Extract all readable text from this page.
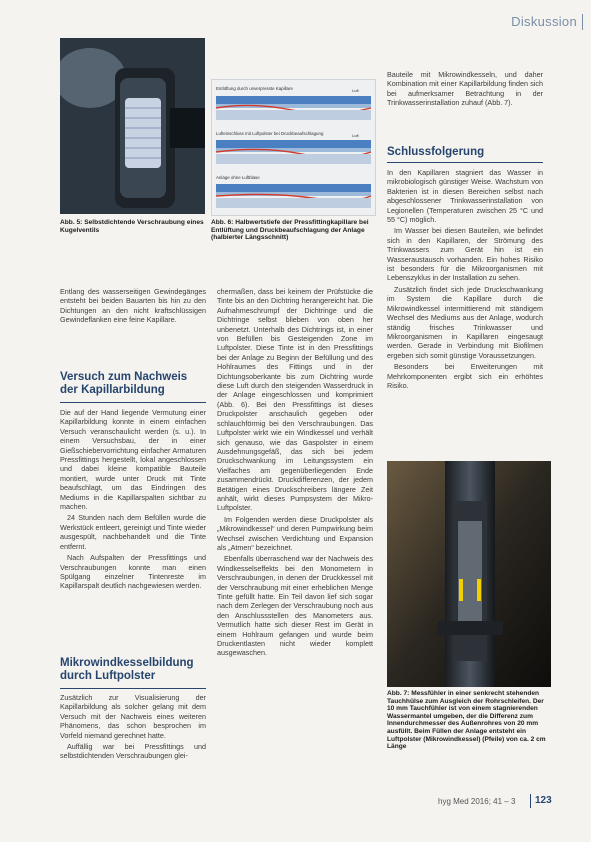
Diskussion
Abb. 5: Selbstdichtende Verschraubung eines Kugelventils
Entlüftung durch unverpresste Kapillare	Luft
Lufteinschluss mit Luftpolster bei Druckbeaufschlagung	Luft
Anlage ohne Luftblase
Abb. 6: Halbwertstiefe der Pressfittingkapillare bei Entlüftung und Druckbeaufschlagung der Anlage (halbierter Längsschnitt)

Entlang des wasserseitigen Gewindegänges entsteht bei beiden Bauarten bis hin zu den Dichtungen an den nicht kraftschlüssigen Gewindeflanken eine feine Kapillare.

Versuch zum Nachweis der Kapillarbildung

Die auf der Hand liegende Vermutung einer Kapillarbildung konnte in einem einfachen Versuch veranschaulicht werden (s. u.). In einem Versuchsbau, der in einer Gießschiebervorrichtung einfacher Armaturen Pressfittings hergestellt, lokal angeschlossen und dabei kleine kompatible Bauteile montiert, wurde unter Druck mit Tinte beaufschlagt, um das Eindringen des Mediums in die Kapillarspalten sichtbar zu machen.

24 Stunden nach dem Befüllen wurde die Werkstück entleert, gereinigt und Tinte wieder ausgespült, nachbehandelt und die Tinte entfernt.

Nach Aufspalten der Pressfittings und Verschraubungen konnte man einen Spülgang einzelner Tintenreste im Kapillarspalt deutlich nachgewiesen werden.

Mikrowindkesselbildung durch Luftpolster

Zusätzlich zur Visualisierung der Kapillarbildung als solcher gelang mit dem Versuch mit der Nachweis eines weiteren Phänomens, das schon besprochen im Vorfeld niemand gerechnet hatte.

Auffällig war bei Pressfittings und selbstdichtenden Verschraubungen glei-

chermaßen, dass bei keinem der Prüfstücke die Tinte bis an den Dichtring herangereicht hat. Die Aufnahmeschrumpf der Dichtringe und die Dichtringe selbst blieben von oben her unbenetzt. Unterhalb des Dichtrings ist, in einer von Befüllen bis Gesteigenden Zone im Luftpolster. Diese Tinte ist in den Pressfittings bei der Anlage zu Beginn der Befüllung und des Hohlraumes des Fittings und in der Dichtungsoberkante bis zum Dichtring wurde diese Luft durch den steigenden Wasserdruck in der Anlage eingeschlossen und komprimiert (Abb. 6). Bei den Pressfittings ist dieses Druckpolster anschaulich gegeben oder schlauchförmig bei den Verschraubungen. Das Luftpolster wirkt wie ein Windkessel und verhält sich genauso, wie das Gaspolster in einem Ausdehnungsgefäß, das sich bei jedem Druckschwankung im Leitungssystem ein Vielfaches am gegenüberliegenden Ende zusammendrückt. Druckdifferenzen, der jedem Betätigen eines Druckschreibers längere Zeit anhält, wirkt dieses Pumpsystem der Mikro-Luftpolster.

Im Folgenden werden diese Druckpolster als „Mikrowindkessel“ und deren Pumpwirkung beim Wechsel zwischen Verdichtung und Expansion als „Atmen“ bezeichnet.

Ebenfalls überraschend war der Nachweis des Windkesselseffekts bei den Monometern in Verschraubungen, in denen der Druckkessel mit der Verschraubung mit einer erheblichen Menge Tinte gefüllt hatte. Ein Teil davon lief sich sogar nach dem Zerlegen der Verschraubung noch aus den Anschlussstellen des Manometers aus. Vermutlich hatte sich dieser Rest im Gerät in einem Hohlraum gefangen und wurde beim Druckentlasten nicht wieder komplett ausgewaschen.

Bauteile mit Mikrowindkesseln, und daher Kombination mit einer Kapillarbildung finden sich bei aufmerksamer Betrachtung in der Trinkwasserinstallation zuhauf (Abb. 7).

Schlussfolgerung

In den Kapillaren stagniert das Wasser in mikrobiologisch günstiger Weise. Wachstum von Bakterien ist in diesen Bereichen selbst nach abgeschlossener Trinkwasserinstallation von Legionellen (Temperaturen zwischen 25 °C und 55 °C) möglich.

Im Wasser bei diesen Bauteilen, wie befindet sich in den Kapillaren, der Strömung des Trinkwassers zum Gerät hin ist ein Wasseraustausch vorhanden. Ein hohes Risiko ist besonders für die Mikroorganismen mit Lebenszyklus in der Installation zu sehen.

Zusätzlich findet sich jede Druckschwankung im System die Kapillare durch die Mikrowindkessel intermittierend mit ständigem Wechsel des Mediums aus der Anlage, wodurch ständig frisches Trinkwasser und Mikroorganismen in Kapillaren eingesaugt werden. Gerade in Verbindung mit Biofilmen ergeben sich somit günstige Voraussetzungen.

Besonders bei Erweiterungen mit Mehrkomponenten ergibt sich ein erhöhtes Risiko.

Abb. 7: Messfühler in einer senkrecht stehenden Tauchhülse zum Ausgleich der Rohrschleifen. Der 10 mm Tauchfühler ist von einem stagnierenden Wassermantel umgeben, der die Differenz zum Innendurchmesser des Außenrohres von 20 mm ausfüllt. Beim Füllen der Anlage entsteht ein Luftpolster (Mikrowindkessel) (Pfeile) von ca. 2 cm Länge
hyg Med 2016; 41 – 3 123
